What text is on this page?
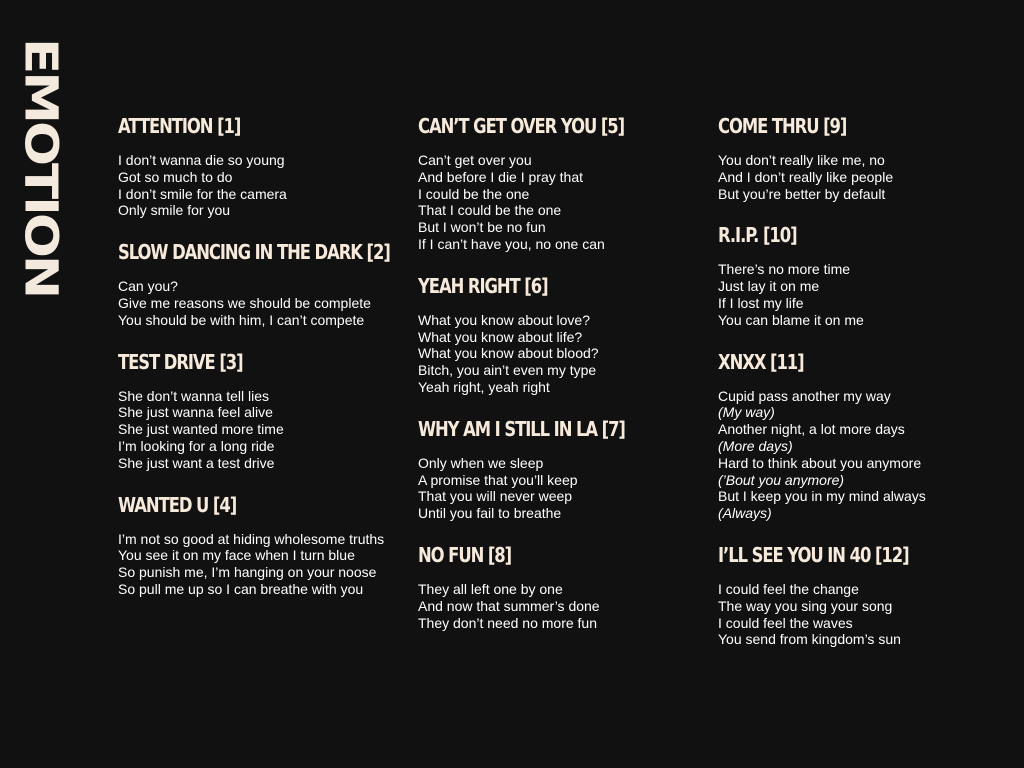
EMOTION	ATTENTION [1]
I don’t wanna die so young
Got so much to do
I don’t smile for the camera
Only smile for you
SLOW DANCING IN THE DARK [2]
Can you?
Give me reasons we should be complete
You should be with him, I can’t compete
TEST DRIVE [3]
She don’t wanna tell lies
She just wanna feel alive
She just wanted more time
I’m looking for a long ride
She just want a test drive
WANTED U [4]
I’m not so good at hiding wholesome truths
You see it on my face when I turn blue
So punish me, I’m hanging on your noose
So pull me up so I can breathe with you
CAN’T GET OVER YOU [5]
Can’t get over you
And before I die I pray that
I could be the one
That I could be the one
But I won’t be no fun
If I can’t have you, no one can
YEAH RIGHT [6]
What you know about love?
What you know about life?
What you know about blood?
Bitch, you ain’t even my type
Yeah right, yeah right
WHY AM I STILL IN LA [7]
Only when we sleep
A promise that you’ll keep
That you will never weep
Until you fail to breathe
NO FUN [8]
They all left one by one
And now that summer’s done
They don’t need no more fun
COME THRU [9]
You don’t really like me, no
And I don’t really like people
But you’re better by default
R.I.P. [10]
There’s no more time
Just lay it on me
If I lost my life
You can blame it on me
XNXX [11]
Cupid pass another my way
(My way)
Another night, a lot more days
(More days)
Hard to think about you anymore
(’Bout you anymore)
But I keep you in my mind always
(Always)
I’LL SEE YOU IN 40 [12]
I could feel the change
The way you sing your song
I could feel the waves
You send from kingdom’s sun
